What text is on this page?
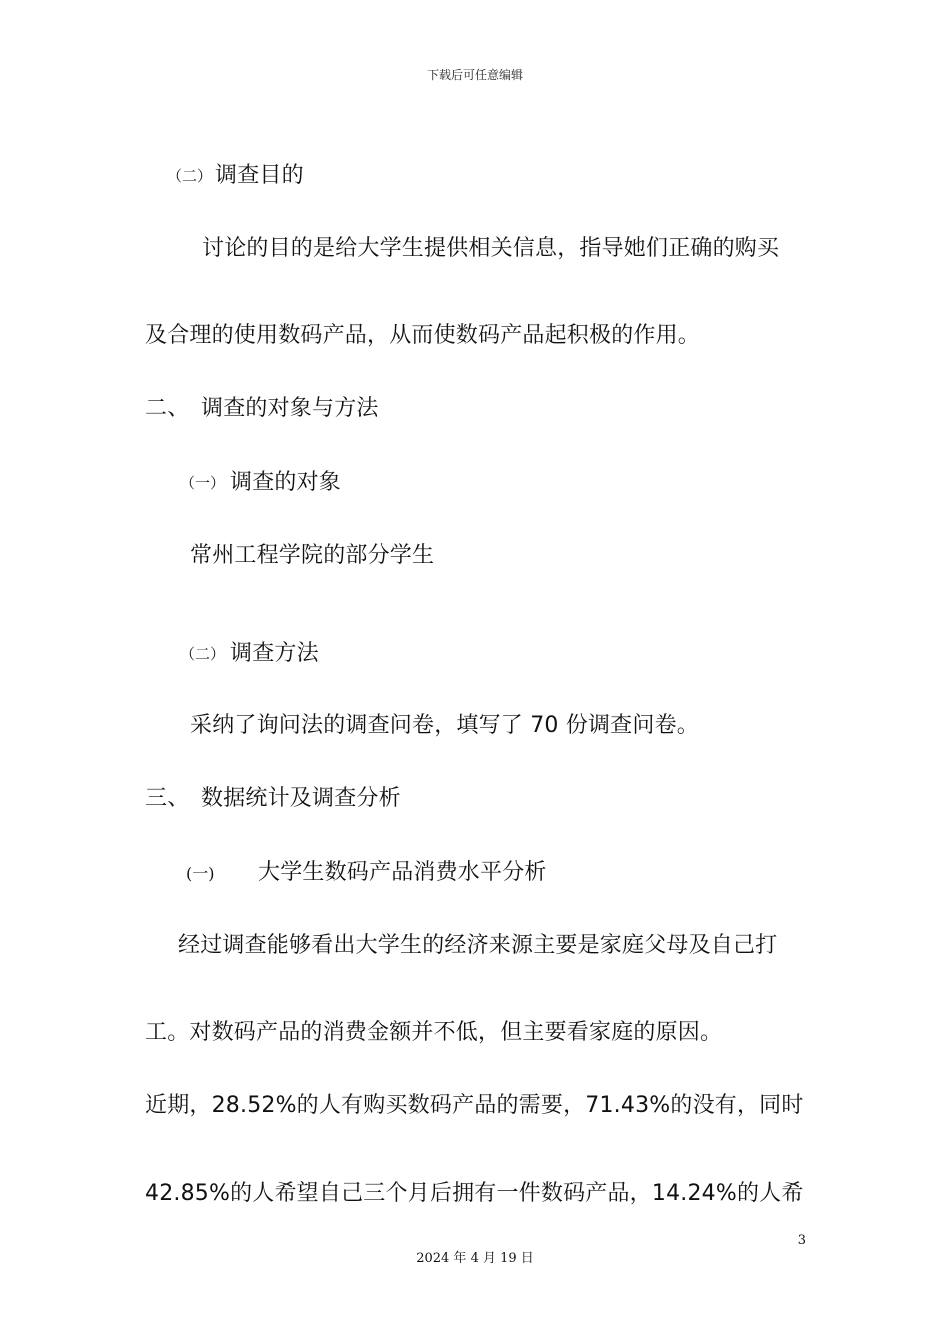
下载后可任意编辑
（二） 调查目的
讨论的目的是给大学生提供相关信息，指导她们正确的购买
及合理的使用数码产品，从而使数码产品起积极的作用。
二、 调查的对象与方法
（一） 调查的对象
常州工程学院的部分学生
（二） 调查方法
采纳了询问法的调查问卷，填写了 70 份调查问卷。
三、 数据统计及调查分析
(一) 大学生数码产品消费水平分析
经过调查能够看出大学生的经济来源主要是家庭父母及自己打
工。对数码产品的消费金额并不低，但主要看家庭的原因。
近期，28.52%的人有购买数码产品的需要，71.43%的没有，同时
42.85%的人希望自己三个月后拥有一件数码产品，14.24%的人希
3
2024 年 4 月 19 日
